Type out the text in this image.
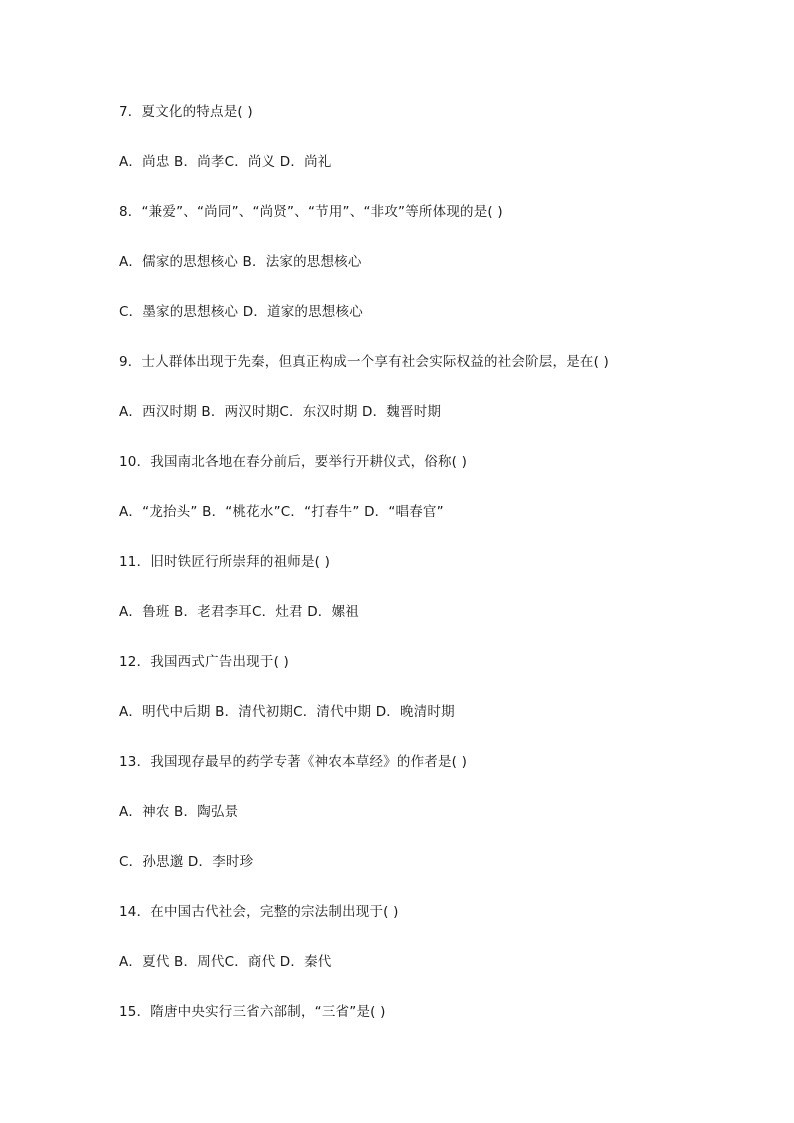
7．夏文化的特点是( )
A．尚忠 B．尚孝C．尚义 D．尚礼
8．“兼爱”、“尚同”、“尚贤”、“节用”、“非攻”等所体现的是( )
A．儒家的思想核心 B．法家的思想核心
C．墨家的思想核心 D．道家的思想核心
9．士人群体出现于先秦，但真正构成一个享有社会实际权益的社会阶层，是在( )
A．西汉时期 B．两汉时期C．东汉时期 D．魏晋时期
10．我国南北各地在春分前后，要举行开耕仪式，俗称( )
A．“龙抬头” B．“桃花水”C．“打春牛” D．“唱春官”
11．旧时铁匠行所崇拜的祖师是( )
A．鲁班 B．老君李耳C．灶君 D．嫘祖
12．我国西式广告出现于( )
A．明代中后期 B．清代初期C．清代中期 D．晚清时期
13．我国现存最早的药学专著《神农本草经》的作者是( )
A．神农 B．陶弘景
C．孙思邈 D．李时珍
14．在中国古代社会，完整的宗法制出现于( )
A．夏代 B．周代C．商代 D．秦代
15．隋唐中央实行三省六部制，“三省”是( )
